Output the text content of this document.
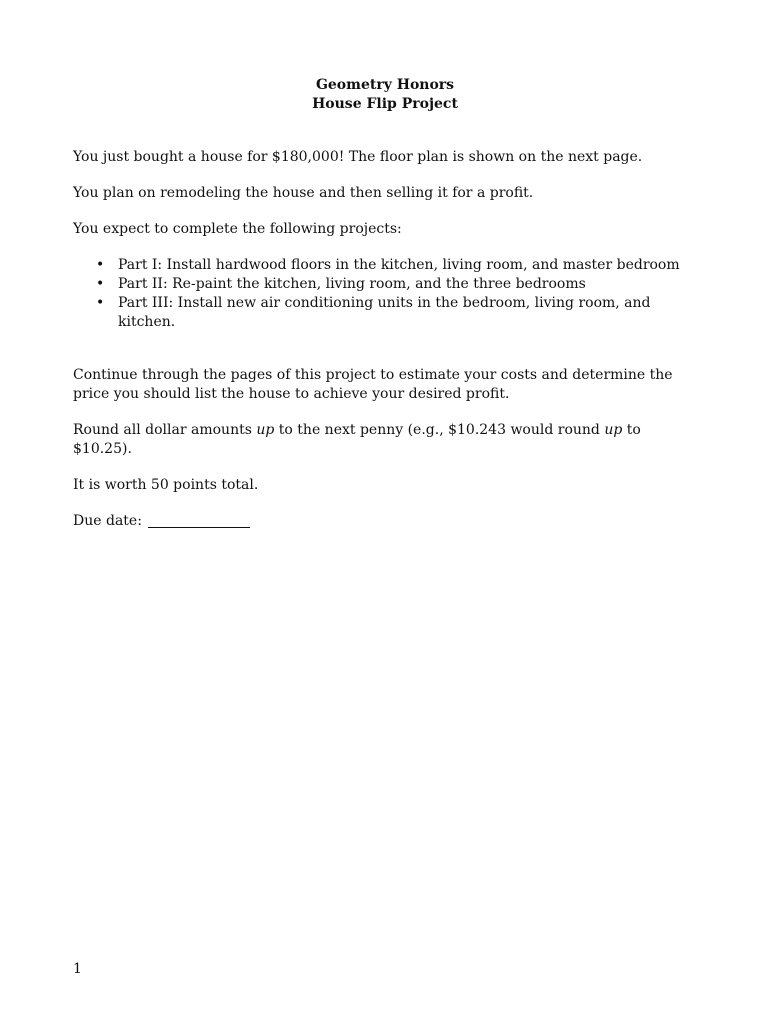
Geometry Honors
House Flip Project

You just bought a house for $180,000! The floor plan is shown on the next page.

You plan on remodeling the house and then selling it for a profit.

You expect to complete the following projects:

• Part I: Install hardwood floors in the kitchen, living room, and master bedroom
• Part II: Re-paint the kitchen, living room, and the three bedrooms
• Part III: Install new air conditioning units in the bedroom, living room, and kitchen.

Continue through the pages of this project to estimate your costs and determine the price you should list the house to achieve your desired profit.

Round all dollar amounts up to the next penny (e.g., $10.243 would round up to $10.25).

It is worth 50 points total.

Due date:

1
